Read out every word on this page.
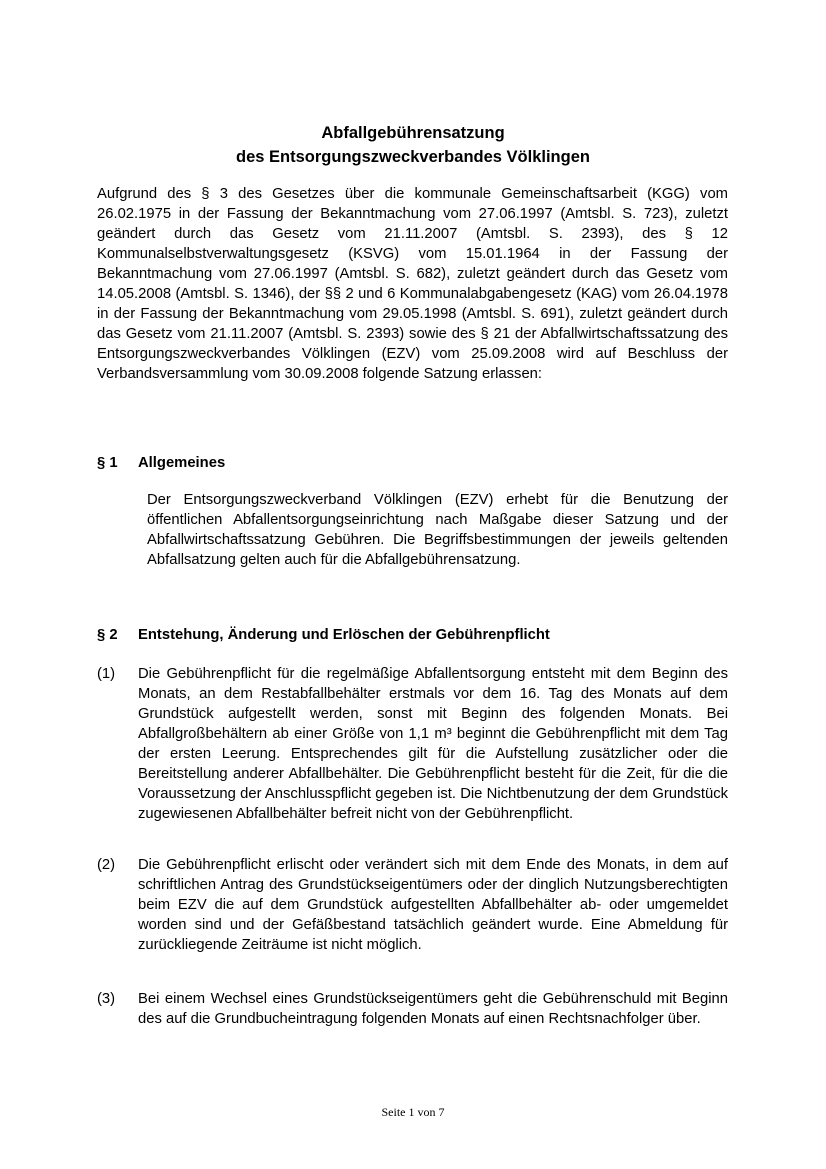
Abfallgebührensatzung
des Entsorgungszweckverbandes Völklingen

Aufgrund des § 3 des Gesetzes über die kommunale Gemeinschaftsarbeit (KGG) vom 26.02.1975 in der Fassung der Bekanntmachung vom 27.06.1997 (Amtsbl. S. 723), zuletzt geändert durch das Gesetz vom 21.11.2007 (Amtsbl. S. 2393), des § 12 Kommunalselbstverwaltungsgesetz (KSVG) vom 15.01.1964 in der Fassung der Bekanntmachung vom 27.06.1997 (Amtsbl. S. 682), zuletzt geändert durch das Gesetz vom 14.05.2008 (Amtsbl. S. 1346), der §§ 2 und 6 Kommunalabgabengesetz (KAG) vom 26.04.1978 in der Fassung der Bekanntmachung vom 29.05.1998 (Amtsbl. S. 691), zuletzt geändert durch das Gesetz vom 21.11.2007 (Amtsbl. S. 2393) sowie des § 21 der Abfallwirtschaftssatzung des Entsorgungszweckverbandes Völklingen (EZV) vom 25.09.2008 wird auf Beschluss der Verbandsversammlung vom 30.09.2008 folgende Satzung erlassen:

§ 1 Allgemeines

Der Entsorgungszweckverband Völklingen (EZV) erhebt für die Benutzung der öffentlichen Abfallentsorgungseinrichtung nach Maßgabe dieser Satzung und der Abfallwirtschaftssatzung Gebühren. Die Begriffsbestimmungen der jeweils geltenden Abfallsatzung gelten auch für die Abfallgebührensatzung.

§ 2 Entstehung, Änderung und Erlöschen der Gebührenpflicht
(1) Die Gebührenpflicht für die regelmäßige Abfallentsorgung entsteht mit dem Beginn des Monats, an dem Restabfallbehälter erstmals vor dem 16. Tag des Monats auf dem Grundstück aufgestellt werden, sonst mit Beginn des folgenden Monats. Bei Abfallgroßbehältern ab einer Größe von 1,1 m³ beginnt die Gebührenpflicht mit dem Tag der ersten Leerung. Entsprechendes gilt für die Aufstellung zusätzlicher oder die Bereitstellung anderer Abfallbehälter. Die Gebührenpflicht besteht für die Zeit, für die die Voraussetzung der Anschlusspflicht gegeben ist. Die Nichtbenutzung der dem Grundstück zugewiesenen Abfallbehälter befreit nicht von der Gebührenpflicht.

(2) Die Gebührenpflicht erlischt oder verändert sich mit dem Ende des Monats, in dem auf schriftlichen Antrag des Grundstückseigentümers oder der dinglich Nutzungsberechtigten beim EZV die auf dem Grundstück aufgestellten Abfallbehälter ab- oder umgemeldet worden sind und der Gefäßbestand tatsächlich geändert wurde. Eine Abmeldung für zurückliegende Zeiträume ist nicht möglich.

(3) Bei einem Wechsel eines Grundstückseigentümers geht die Gebührenschuld mit Beginn des auf die Grundbucheintragung folgenden Monats auf einen Rechtsnachfolger über.

Seite 1 von 7
